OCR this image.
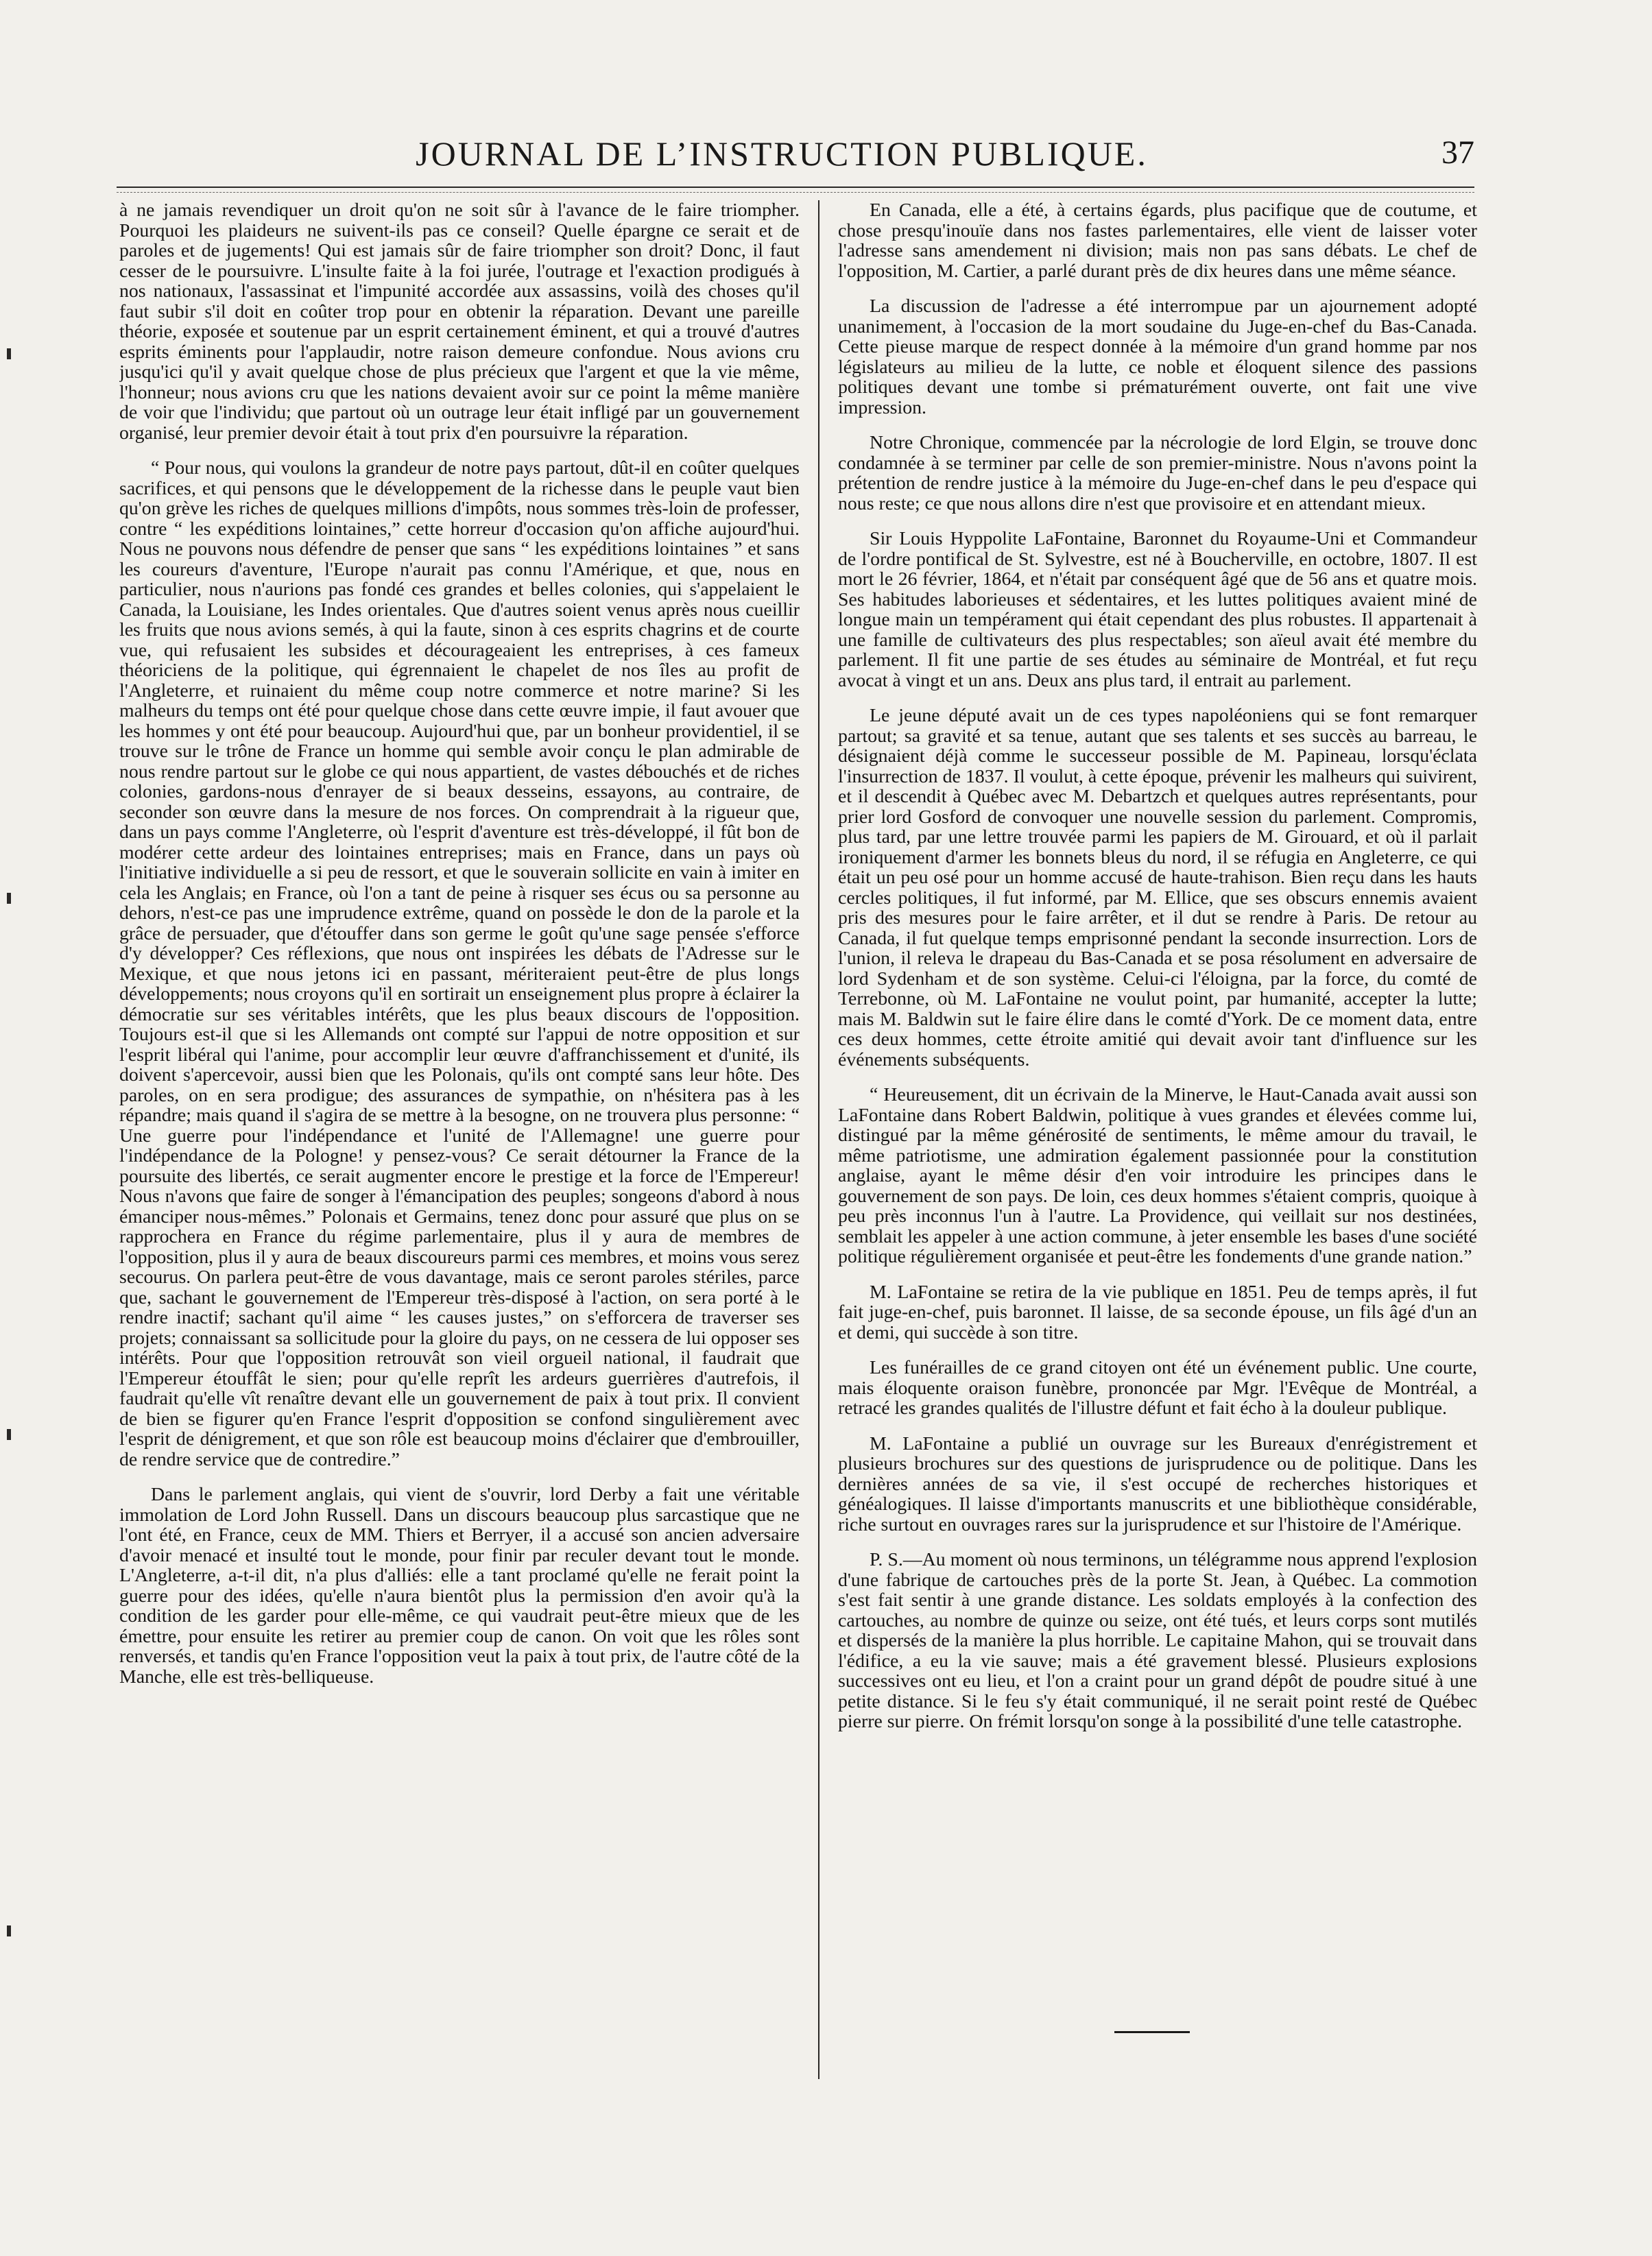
JOURNAL DE L’INSTRUCTION PUBLIQUE.	37

à ne jamais revendiquer un droit qu'on ne soit sûr à l'avance de le faire triompher. Pourquoi les plaideurs ne suivent-ils pas ce conseil? Quelle épargne ce serait et de paroles et de jugements! Qui est jamais sûr de faire triompher son droit? Donc, il faut cesser de le poursuivre. L'insulte faite à la foi jurée, l'outrage et l'exaction prodigués à nos nationaux, l'assassinat et l'impunité accordée aux assassins, voilà des choses qu'il faut subir s'il doit en coûter trop pour en obtenir la réparation. Devant une pareille théorie, exposée et soutenue par un esprit certainement éminent, et qui a trouvé d'autres esprits éminents pour l'applaudir, notre raison demeure confondue. Nous avions cru jusqu'ici qu'il y avait quelque chose de plus précieux que l'argent et que la vie même, l'honneur; nous avions cru que les nations devaient avoir sur ce point la même manière de voir que l'individu; que partout où un outrage leur était infligé par un gouvernement organisé, leur premier devoir était à tout prix d'en poursuivre la réparation.

“ Pour nous, qui voulons la grandeur de notre pays partout, dût-il en coûter quelques sacrifices, et qui pensons que le développement de la richesse dans le peuple vaut bien qu'on grève les riches de quelques millions d'impôts, nous sommes très-loin de professer, contre “ les expéditions lointaines,” cette horreur d'occasion qu'on affiche aujourd'hui. Nous ne pouvons nous défendre de penser que sans “ les expéditions lointaines ” et sans les coureurs d'aventure, l'Europe n'aurait pas connu l'Amérique, et que, nous en particulier, nous n'aurions pas fondé ces grandes et belles colonies, qui s'appelaient le Canada, la Louisiane, les Indes orientales. Que d'autres soient venus après nous cueillir les fruits que nous avions semés, à qui la faute, sinon à ces esprits chagrins et de courte vue, qui refusaient les subsides et décourageaient les entreprises, à ces fameux théoriciens de la politique, qui égrennaient le chapelet de nos îles au profit de l'Angleterre, et ruinaient du même coup notre commerce et notre marine? Si les malheurs du temps ont été pour quelque chose dans cette œuvre impie, il faut avouer que les hommes y ont été pour beaucoup. Aujourd'hui que, par un bonheur providentiel, il se trouve sur le trône de France un homme qui semble avoir conçu le plan admirable de nous rendre partout sur le globe ce qui nous appartient, de vastes débouchés et de riches colonies, gardons-nous d'enrayer de si beaux desseins, essayons, au contraire, de seconder son œuvre dans la mesure de nos forces. On comprendrait à la rigueur que, dans un pays comme l'Angleterre, où l'esprit d'aventure est très-développé, il fût bon de modérer cette ardeur des lointaines entreprises; mais en France, dans un pays où l'initiative individuelle a si peu de ressort, et que le souverain sollicite en vain à imiter en cela les Anglais; en France, où l'on a tant de peine à risquer ses écus ou sa personne au dehors, n'est-ce pas une imprudence extrême, quand on possède le don de la parole et la grâce de persuader, que d'étouffer dans son germe le goût qu'une sage pensée s'efforce d'y développer? Ces réflexions, que nous ont inspirées les débats de l'Adresse sur le Mexique, et que nous jetons ici en passant, mériteraient peut-être de plus longs développements; nous croyons qu'il en sortirait un enseignement plus propre à éclairer la démocratie sur ses véritables intérêts, que les plus beaux discours de l'opposition. Toujours est-il que si les Allemands ont compté sur l'appui de notre opposition et sur l'esprit libéral qui l'anime, pour accomplir leur œuvre d'affranchissement et d'unité, ils doivent s'apercevoir, aussi bien que les Polonais, qu'ils ont compté sans leur hôte. Des paroles, on en sera prodigue; des assurances de sympathie, on n'hésitera pas à les répandre; mais quand il s'agira de se mettre à la besogne, on ne trouvera plus personne: “ Une guerre pour l'indépendance et l'unité de l'Allemagne! une guerre pour l'indépendance de la Pologne! y pensez-vous? Ce serait détourner la France de la poursuite des libertés, ce serait augmenter encore le prestige et la force de l'Empereur! Nous n'avons que faire de songer à l'émancipation des peuples; songeons d'abord à nous émanciper nous-mêmes.” Polonais et Germains, tenez donc pour assuré que plus on se rapprochera en France du régime parlementaire, plus il y aura de membres de l'opposition, plus il y aura de beaux discoureurs parmi ces membres, et moins vous serez secourus. On parlera peut-être de vous davantage, mais ce seront paroles stériles, parce que, sachant le gouvernement de l'Empereur très-disposé à l'action, on sera porté à le rendre inactif; sachant qu'il aime “ les causes justes,” on s'efforcera de traverser ses projets; connaissant sa sollicitude pour la gloire du pays, on ne cessera de lui opposer ses intérêts. Pour que l'opposition retrouvât son vieil orgueil national, il faudrait que l'Empereur étouffât le sien; pour qu'elle reprît les ardeurs guerrières d'autrefois, il faudrait qu'elle vît renaître devant elle un gouvernement de paix à tout prix. Il convient de bien se figurer qu'en France l'esprit d'opposition se confond singulièrement avec l'esprit de dénigrement, et que son rôle est beaucoup moins d'éclairer que d'embrouiller, de rendre service que de contredire.”

Dans le parlement anglais, qui vient de s'ouvrir, lord Derby a fait une véritable immolation de Lord John Russell. Dans un discours beaucoup plus sarcastique que ne l'ont été, en France, ceux de MM. Thiers et Berryer, il a accusé son ancien adversaire d'avoir menacé et insulté tout le monde, pour finir par reculer devant tout le monde. L'Angleterre, a-t-il dit, n'a plus d'alliés: elle a tant proclamé qu'elle ne ferait point la guerre pour des idées, qu'elle n'aura bientôt plus la permission d'en avoir qu'à la condition de les garder pour elle-même, ce qui vaudrait peut-être mieux que de les émettre, pour ensuite les retirer au premier coup de canon. On voit que les rôles sont renversés, et tandis qu'en France l'opposition veut la paix à tout prix, de l'autre côté de la Manche, elle est très-belliqueuse.

En Canada, elle a été, à certains égards, plus pacifique que de coutume, et chose presqu'inouïe dans nos fastes parlementaires, elle vient de laisser voter l'adresse sans amendement ni division; mais non pas sans débats. Le chef de l'opposition, M. Cartier, a parlé durant près de dix heures dans une même séance.

La discussion de l'adresse a été interrompue par un ajournement adopté unanimement, à l'occasion de la mort soudaine du Juge-en-chef du Bas-Canada. Cette pieuse marque de respect donnée à la mémoire d'un grand homme par nos législateurs au milieu de la lutte, ce noble et éloquent silence des passions politiques devant une tombe si prématurément ouverte, ont fait une vive impression.

Notre Chronique, commencée par la nécrologie de lord Elgin, se trouve donc condamnée à se terminer par celle de son premier-ministre. Nous n'avons point la prétention de rendre justice à la mémoire du Juge-en-chef dans le peu d'espace qui nous reste; ce que nous allons dire n'est que provisoire et en attendant mieux.

Sir Louis Hyppolite LaFontaine, Baronnet du Royaume-Uni et Commandeur de l'ordre pontifical de St. Sylvestre, est né à Boucherville, en octobre, 1807. Il est mort le 26 février, 1864, et n'était par conséquent âgé que de 56 ans et quatre mois. Ses habitudes laborieuses et sédentaires, et les luttes politiques avaient miné de longue main un tempérament qui était cependant des plus robustes. Il appartenait à une famille de cultivateurs des plus respectables; son aïeul avait été membre du parlement. Il fit une partie de ses études au séminaire de Montréal, et fut reçu avocat à vingt et un ans. Deux ans plus tard, il entrait au parlement.

Le jeune député avait un de ces types napoléoniens qui se font remarquer partout; sa gravité et sa tenue, autant que ses talents et ses succès au barreau, le désignaient déjà comme le successeur possible de M. Papineau, lorsqu'éclata l'insurrection de 1837. Il voulut, à cette époque, prévenir les malheurs qui suivirent, et il descendit à Québec avec M. Debartzch et quelques autres représentants, pour prier lord Gosford de convoquer une nouvelle session du parlement. Compromis, plus tard, par une lettre trouvée parmi les papiers de M. Girouard, et où il parlait ironiquement d'armer les bonnets bleus du nord, il se réfugia en Angleterre, ce qui était un peu osé pour un homme accusé de haute-trahison. Bien reçu dans les hauts cercles politiques, il fut informé, par M. Ellice, que ses obscurs ennemis avaient pris des mesures pour le faire arrêter, et il dut se rendre à Paris. De retour au Canada, il fut quelque temps emprisonné pendant la seconde insurrection. Lors de l'union, il releva le drapeau du Bas-Canada et se posa résolument en adversaire de lord Sydenham et de son système. Celui-ci l'éloigna, par la force, du comté de Terrebonne, où M. LaFontaine ne voulut point, par humanité, accepter la lutte; mais M. Baldwin sut le faire élire dans le comté d'York. De ce moment data, entre ces deux hommes, cette étroite amitié qui devait avoir tant d'influence sur les événements subséquents.

“ Heureusement, dit un écrivain de la Minerve, le Haut-Canada avait aussi son LaFontaine dans Robert Baldwin, politique à vues grandes et élevées comme lui, distingué par la même générosité de sentiments, le même amour du travail, le même patriotisme, une admiration également passionnée pour la constitution anglaise, ayant le même désir d'en voir introduire les principes dans le gouvernement de son pays. De loin, ces deux hommes s'étaient compris, quoique à peu près inconnus l'un à l'autre. La Providence, qui veillait sur nos destinées, semblait les appeler à une action commune, à jeter ensemble les bases d'une société politique régulièrement organisée et peut-être les fondements d'une grande nation.”

M. LaFontaine se retira de la vie publique en 1851. Peu de temps après, il fut fait juge-en-chef, puis baronnet. Il laisse, de sa seconde épouse, un fils âgé d'un an et demi, qui succède à son titre.

Les funérailles de ce grand citoyen ont été un événement public. Une courte, mais éloquente oraison funèbre, prononcée par Mgr. l'Evêque de Montréal, a retracé les grandes qualités de l'illustre défunt et fait écho à la douleur publique.

M. LaFontaine a publié un ouvrage sur les Bureaux d'enrégistrement et plusieurs brochures sur des questions de jurisprudence ou de politique. Dans les dernières années de sa vie, il s'est occupé de recherches historiques et généalogiques. Il laisse d'importants manuscrits et une bibliothèque considérable, riche surtout en ouvrages rares sur la jurisprudence et sur l'histoire de l'Amérique.

P. S.—Au moment où nous terminons, un télégramme nous apprend l'explosion d'une fabrique de cartouches près de la porte St. Jean, à Québec. La commotion s'est fait sentir à une grande distance. Les soldats employés à la confection des cartouches, au nombre de quinze ou seize, ont été tués, et leurs corps sont mutilés et dispersés de la manière la plus horrible. Le capitaine Mahon, qui se trouvait dans l'édifice, a eu la vie sauve; mais a été gravement blessé. Plusieurs explosions successives ont eu lieu, et l'on a craint pour un grand dépôt de poudre situé à une petite distance. Si le feu s'y était communiqué, il ne serait point resté de Québec pierre sur pierre. On frémit lorsqu'on songe à la possibilité d'une telle catastrophe.
